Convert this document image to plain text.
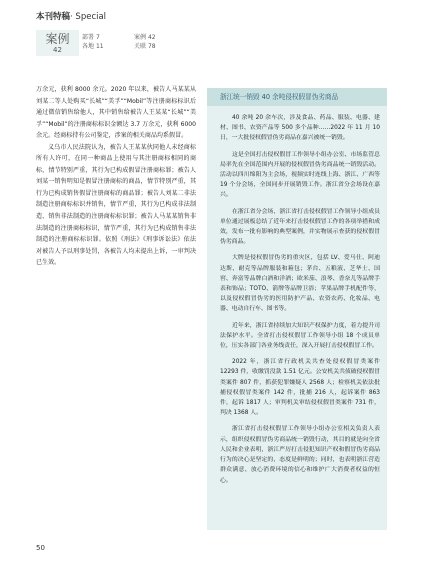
本刊特稿· Special
案例
42
部署 7	案例 42
各地 11	关联 78

万余元，获利 8000 余元。2020 年以来，被告人马某某从刘某二等人处购买“长城”“美孚”“Mobil”等注册商标标识后通过微信销售给他人，其中销售给被告人王某某“长城”“美孚”“Mobil”的注册商标标识金额达 3.7 万余元，获利 6000 余元。经商标持有公司鉴定，涉案的相关商品均系假冒。

义乌市人民法院认为，被告人王某某伙同他人未经商标所有人许可，在同一种商品上使用与其注册商标相同的商标，情节特别严重，其行为已构成假冒注册商标罪；被告人刘某一销售明知是假冒注册商标的商品，情节特别严重，其行为已构成销售假冒注册商标的商品罪；被告人刘某二非法制造注册商标标识并销售，情节严重，其行为已构成非法制造、销售非法制造的注册商标标识罪；被告人马某某销售非法制造的注册商标标识，情节严重，其行为已构成销售非法制造的注册商标标识罪。依照《刑法》《刑事诉讼法》依法对被告人予以刑事处罚，各被告人均未提出上诉，一审判决已生效。

浙江统一销毁 40 余吨侵权假冒伪劣商品

40 余吨 20 余车次，涉及食品、药品、服装、电器、建材、图书、农资产品等 500 多个品种……2022 年 11 月 10 日，一大批侵权假冒伪劣商品在嘉兴被统一销毁。

这是全国打击侵权假冒工作领导小组办公室、市场监管总局率先在全国范围内开展的侵权假冒伪劣商品统一销毁活动。活动以四川绵阳为主会场，视频实时连线上海、浙江、广西等 19 个分会场，全国同步开展销毁工作。浙江省分会场设在嘉兴。

在浙江省分会场，浙江省打击侵权假冒工作领导小组成员单位通过展板总结了近年来打击侵权假冒工作的各项举措和成效，发布一批有影响的典型案例，并实物展示查获的侵权假冒伪劣商品。

大牌是侵权假冒伪劣的重灾区，包括 LV、爱马仕、阿迪达斯、耐克等品牌服装和箱包；茅台、五粮液、芝华士、国窖、奔富等品牌白酒和洋酒；欧米茄、浪琴、香奈儿等品牌手表和饰品；TOTO、箭牌等品牌卫浴；苹果品牌手机配件等，以及侵权假冒伪劣的医用防护产品、农资农药、化妆品、电器、电动自行车、图书等。

近年来，浙江省持续加大知识产权保护力度，着力提升司法保护水平。全省打击侵权假冒工作领导小组 18 个成员单位，压实各部门各业务线责任，深入开展打击侵权假冒工作。

2022 年，浙江省行政机关共查处侵权假冒类案件 12293 件，收缴罚没款 1.51 亿元。公安机关共侦破侵权假冒类案件 807 件，抓获犯罪嫌疑人 2568 人；检察机关依法批捕侵权假冒类案件 142 件，批捕 216 人，起诉案件 863 件，起诉 1817 人；审判机关审结侵权假冒类案件 731 件，判决 1368 人。

浙江省打击侵权假冒工作领导小组办公室相关负责人表示，组织侵权假冒伪劣商品统一销毁行动，其目的就是向全省人民和企业表明，浙江严厉打击侵犯知识产权和假冒伪劣商品行为的决心是坚定的，态度是鲜明的；同时，也表明浙江营造群众满意、放心消费环境的信心和维护广大消费者权益的恒心。

50
